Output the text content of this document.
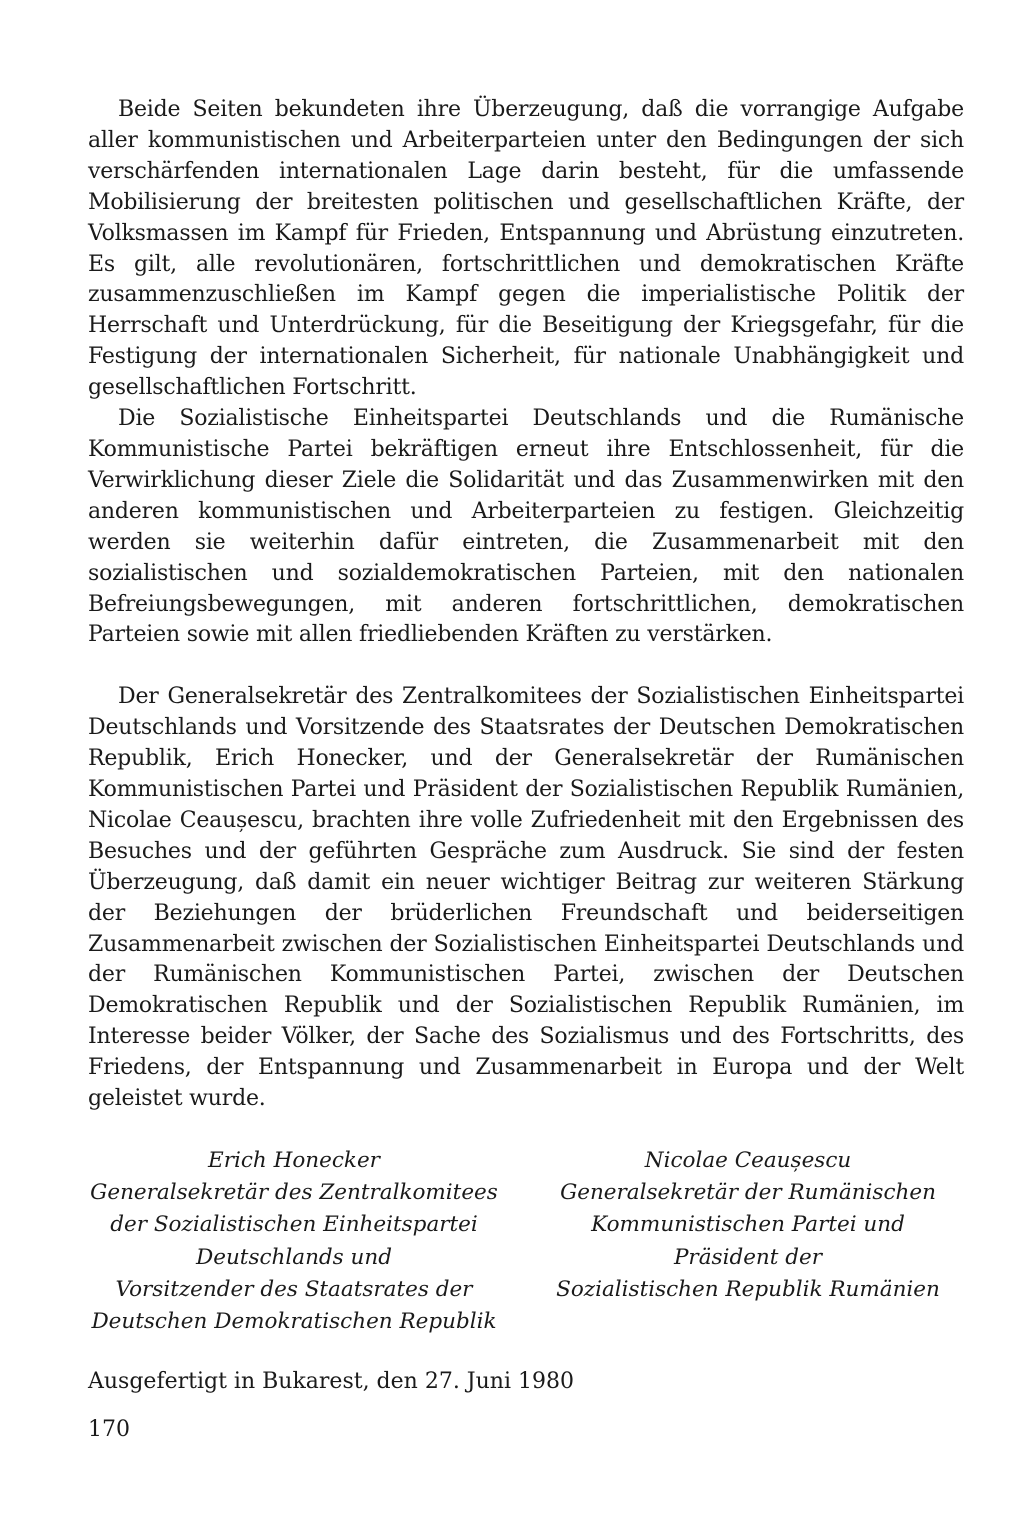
Beide Seiten bekundeten ihre Überzeugung, daß die vorrangige Aufgabe aller kommunistischen und Arbeiterparteien unter den Bedingungen der sich verschärfenden internationalen Lage darin besteht, für die umfassende Mobilisierung der breitesten politischen und gesellschaftlichen Kräfte, der Volksmassen im Kampf für Frieden, Entspannung und Abrüstung einzutreten. Es gilt, alle revolutionären, fortschrittlichen und demokratischen Kräfte zusammenzuschließen im Kampf gegen die imperialistische Politik der Herrschaft und Unterdrückung, für die Beseitigung der Kriegsgefahr, für die Festigung der internationalen Sicherheit, für nationale Unabhängigkeit und gesellschaftlichen Fortschritt.

Die Sozialistische Einheitspartei Deutschlands und die Rumänische Kommunistische Partei bekräftigen erneut ihre Entschlossenheit, für die Verwirklichung dieser Ziele die Solidarität und das Zusammenwirken mit den anderen kommunistischen und Arbeiterparteien zu festigen. Gleichzeitig werden sie weiterhin dafür eintreten, die Zusammenarbeit mit den sozialistischen und sozialdemokratischen Parteien, mit den nationalen Befreiungsbewegungen, mit anderen fortschrittlichen, demokratischen Parteien sowie mit allen friedliebenden Kräften zu verstärken.

Der Generalsekretär des Zentralkomitees der Sozialistischen Einheitspartei Deutschlands und Vorsitzende des Staatsrates der Deutschen Demokratischen Republik, Erich Honecker, und der Generalsekretär der Rumänischen Kommunistischen Partei und Präsident der Sozialistischen Republik Rumänien, Nicolae Ceaușescu, brachten ihre volle Zufriedenheit mit den Ergebnissen des Besuches und der geführten Gespräche zum Ausdruck. Sie sind der festen Überzeugung, daß damit ein neuer wichtiger Beitrag zur weiteren Stärkung der Beziehungen der brüderlichen Freundschaft und beiderseitigen Zusammenarbeit zwischen der Sozialistischen Einheitspartei Deutschlands und der Rumänischen Kommunistischen Partei, zwischen der Deutschen Demokratischen Republik und der Sozialistischen Republik Rumänien, im Interesse beider Völker, der Sache des Sozialismus und des Fortschritts, des Friedens, der Entspannung und Zusammenarbeit in Europa und der Welt geleistet wurde.

Erich Honecker
Generalsekretär des Zentralkomitees
der Sozialistischen Einheitspartei
Deutschlands und
Vorsitzender des Staatsrates der
Deutschen Demokratischen Republik
Nicolae Ceaușescu
Generalsekretär der Rumänischen
Kommunistischen Partei und
Präsident der
Sozialistischen Republik Rumänien
Ausgefertigt in Bukarest, den 27. Juni 1980
170
